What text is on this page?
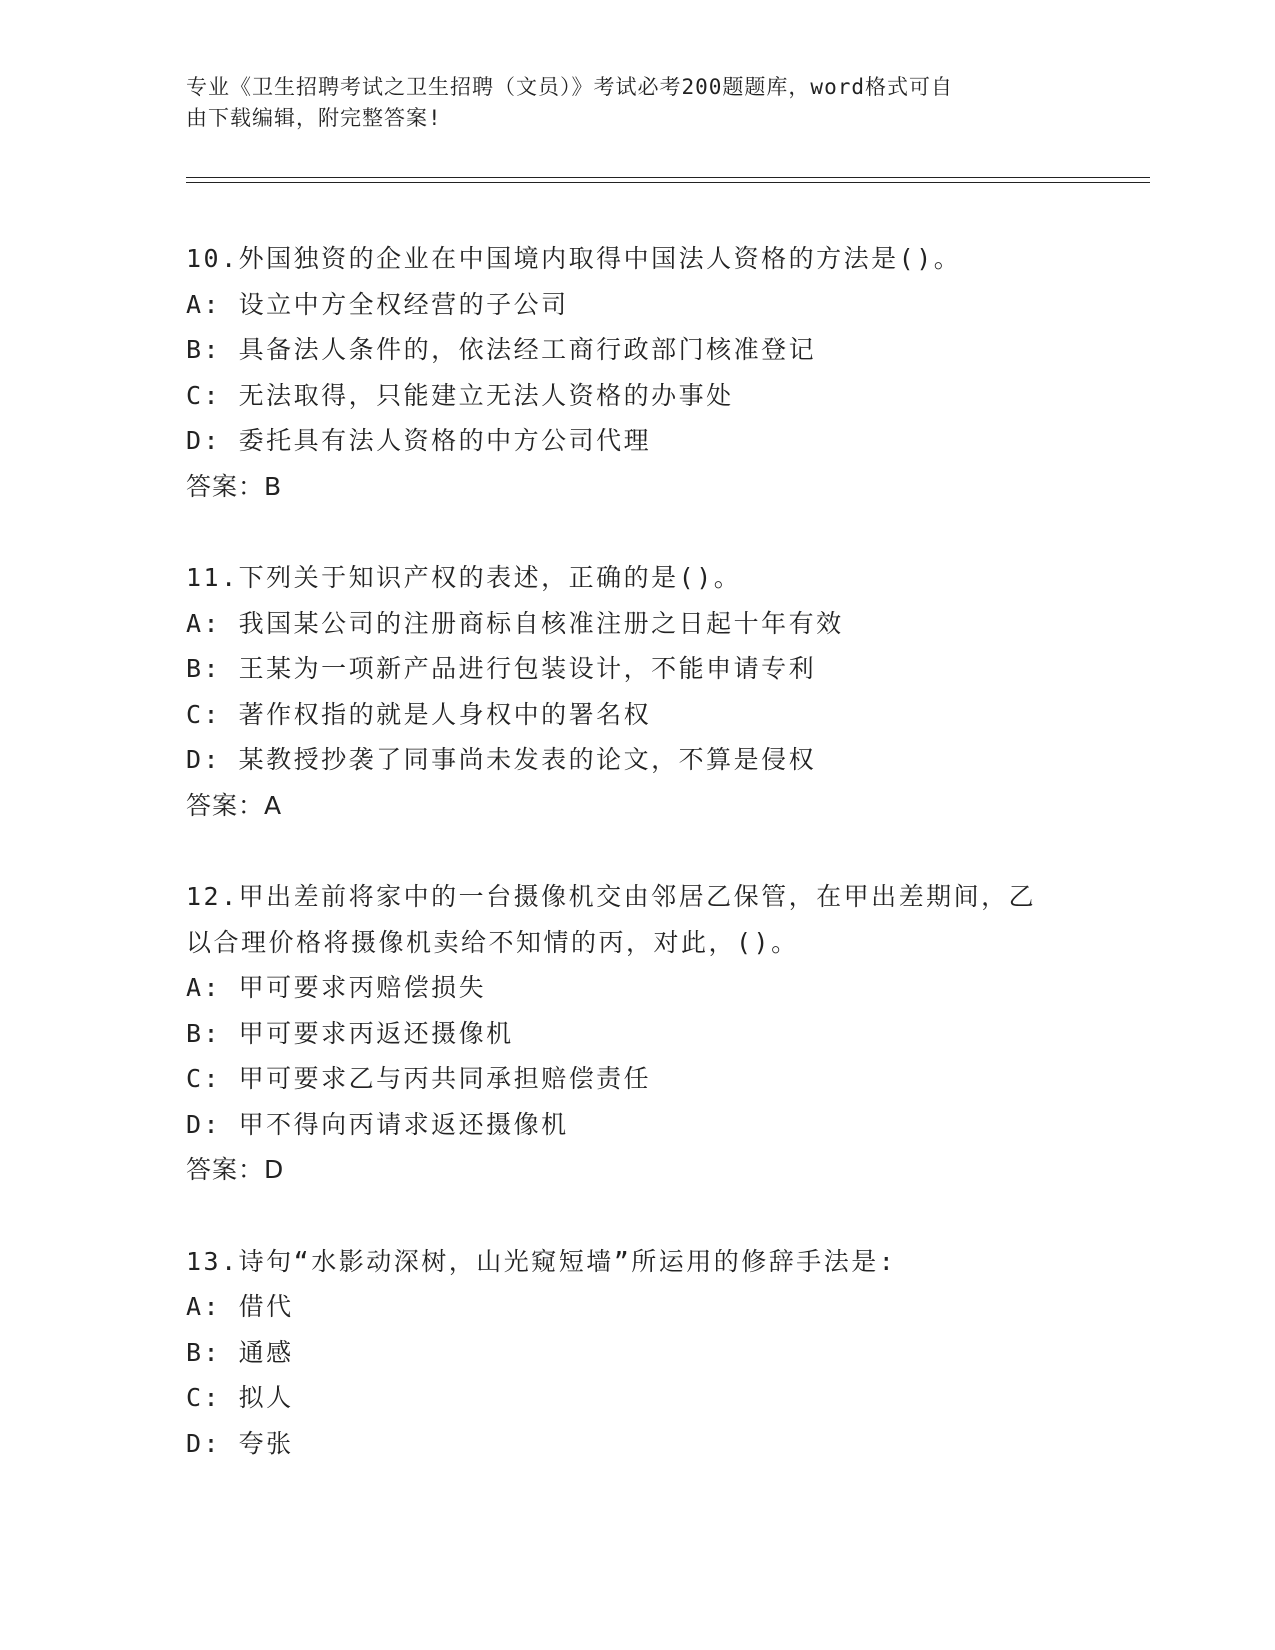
专业《卫生招聘考试之卫生招聘（文员）》考试必考200题题库，word格式可自
由下载编辑，附完整答案!

10.外国独资的企业在中国境内取得中国法人资格的方法是()。

A: 设立中方全权经营的子公司

B: 具备法人条件的，依法经工商行政部门核准登记

C: 无法取得，只能建立无法人资格的办事处

D: 委托具有法人资格的中方公司代理

答案：B

11.下列关于知识产权的表述，正确的是()。

A: 我国某公司的注册商标自核准注册之日起十年有效

B: 王某为一项新产品进行包装设计，不能申请专利

C: 著作权指的就是人身权中的署名权

D: 某教授抄袭了同事尚未发表的论文，不算是侵权

答案：A

12.甲出差前将家中的一台摄像机交由邻居乙保管，在甲出差期间，乙

以合理价格将摄像机卖给不知情的丙，对此，()。

A: 甲可要求丙赔偿损失

B: 甲可要求丙返还摄像机

C: 甲可要求乙与丙共同承担赔偿责任

D: 甲不得向丙请求返还摄像机

答案：D

13.诗句“水影动深树，山光窥短墙”所运用的修辞手法是:

A: 借代

B: 通感

C: 拟人

D: 夸张
